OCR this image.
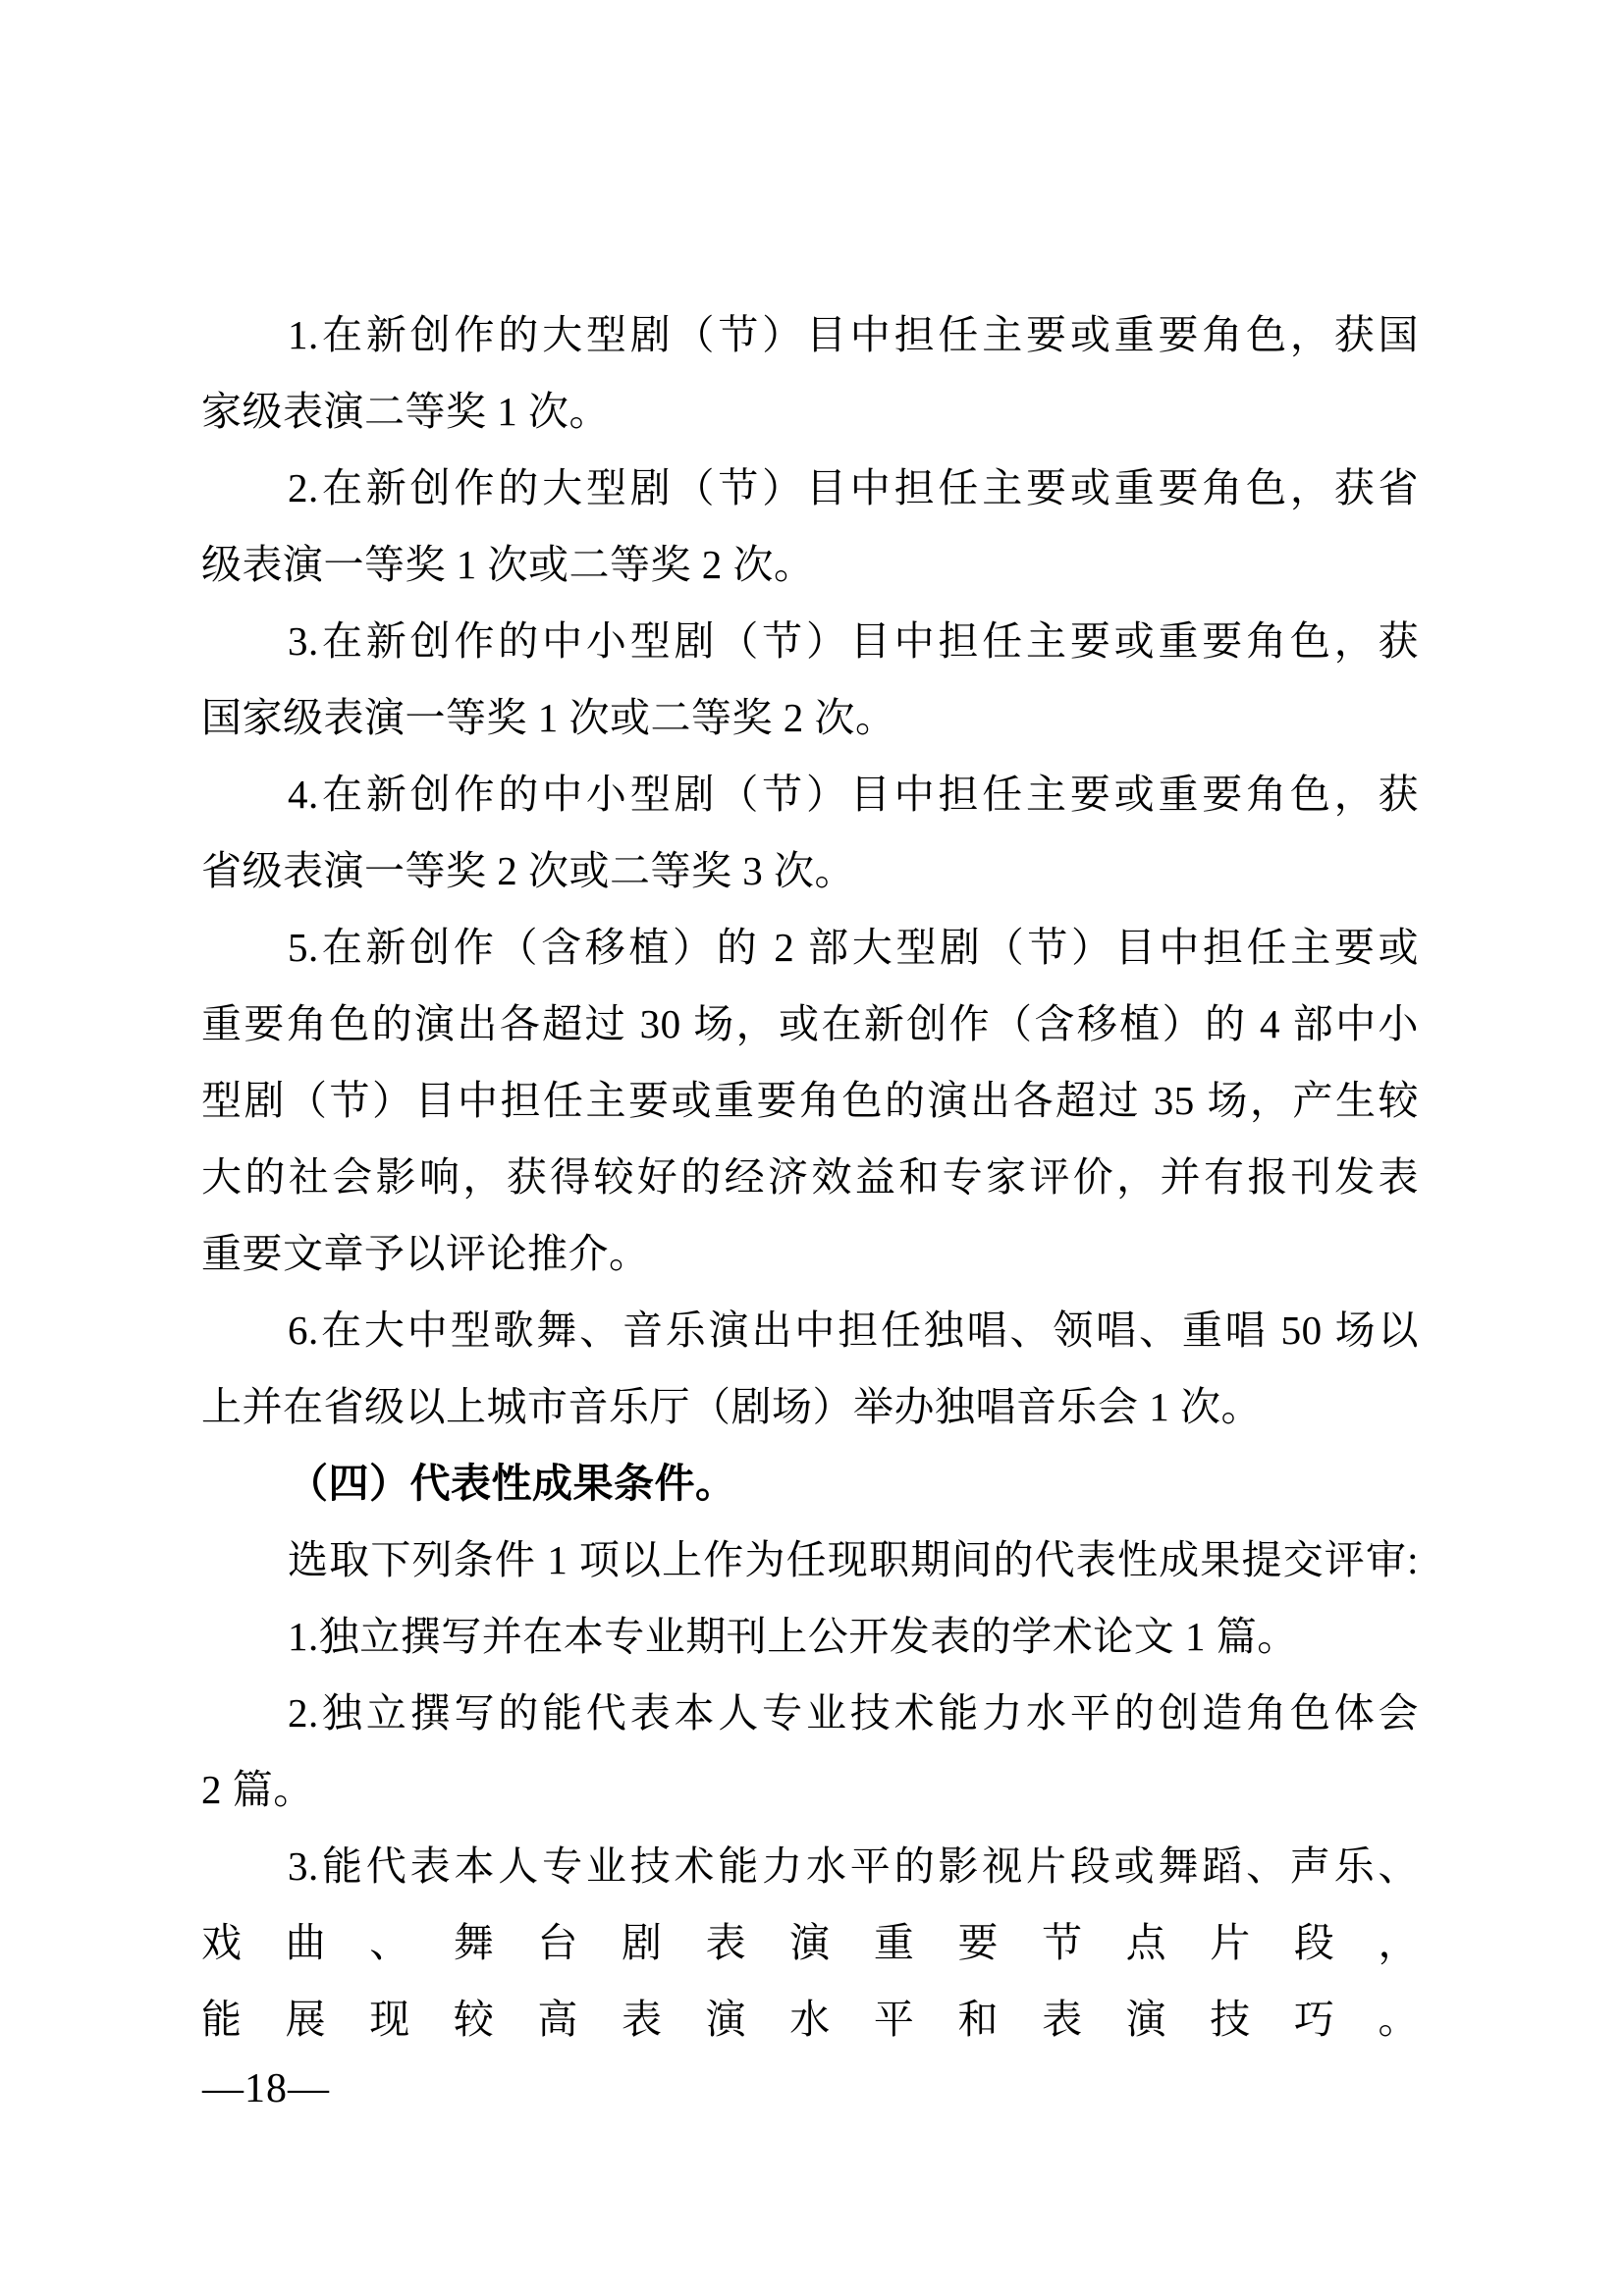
1.在新创作的大型剧（节）目中担任主要或重要角色，获国
家级表演二等奖 1 次。
2.在新创作的大型剧（节）目中担任主要或重要角色，获省
级表演一等奖 1 次或二等奖 2 次。
3.在新创作的中小型剧（节）目中担任主要或重要角色，获
国家级表演一等奖 1 次或二等奖 2 次。
4.在新创作的中小型剧（节）目中担任主要或重要角色，获
省级表演一等奖 2 次或二等奖 3 次。
5.在新创作（含移植）的 2 部大型剧（节）目中担任主要或
重要角色的演出各超过 30 场，或在新创作（含移植）的 4 部中小
型剧（节）目中担任主要或重要角色的演出各超过 35 场，产生较
大的社会影响，获得较好的经济效益和专家评价，并有报刊发表
重要文章予以评论推介。
6.在大中型歌舞、音乐演出中担任独唱、领唱、重唱 50 场以
上并在省级以上城市音乐厅（剧场）举办独唱音乐会 1 次。
（四）代表性成果条件。
选取下列条件 1 项以上作为任现职期间的代表性成果提交评审:
1.独立撰写并在本专业期刊上公开发表的学术论文 1 篇。
2.独立撰写的能代表本人专业技术能力水平的创造角色体会
2 篇。
3.能代表本人专业技术能力水平的影视片段或舞蹈、声乐、
戏曲、舞台剧表演重要节点片段，能展现较高表演水平和表演技巧。
—18—
